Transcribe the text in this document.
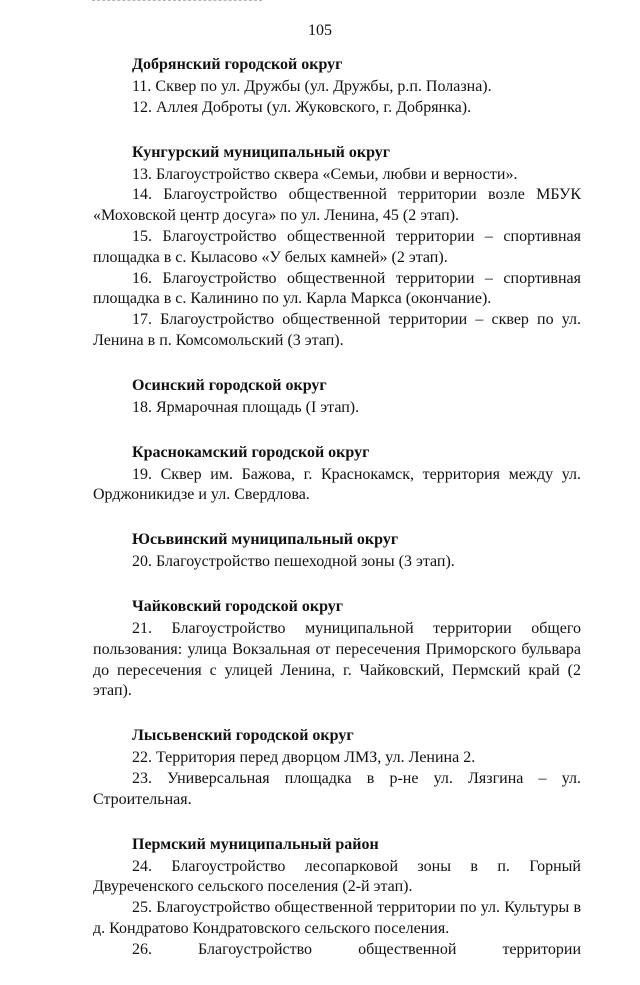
105
Добрянский городской округ

11. Сквер по ул. Дружбы (ул. Дружбы, р.п. Полазна).

12. Аллея Доброты (ул. Жуковского, г. Добрянка).

Кунгурский муниципальный округ

13. Благоустройство сквера «Семьи, любви и верности».

14. Благоустройство общественной территории возле МБУК «Моховской центр досуга» по ул. Ленина, 45 (2 этап).

15. Благоустройство общественной территории – спортивная площадка в с. Кыласово «У белых камней» (2 этап).

16. Благоустройство общественной территории – спортивная площадка в с. Калинино по ул. Карла Маркса (окончание).

17. Благоустройство общественной территории – сквер по ул. Ленина в п. Комсомольский (3 этап).

Осинский городской округ

18. Ярмарочная площадь (I этап).

Краснокамский городской округ

19. Сквер им. Бажова, г. Краснокамск, территория между ул. Орджоникидзе и ул. Свердлова.

Юсьвинский муниципальный округ

20. Благоустройство пешеходной зоны (3 этап).

Чайковский городской округ

21. Благоустройство муниципальной территории общего пользования: улица Вокзальная от пересечения Приморского бульвара до пересечения с улицей Ленина, г. Чайковский, Пермский край (2 этап).

Лысьвенский городской округ

22. Территория перед дворцом ЛМЗ, ул. Ленина 2.

23. Универсальная площадка в р-не ул. Лязгина – ул. Строительная.

Пермский муниципальный район

24. Благоустройство лесопарковой зоны в п. Горный Двуреченского сельского поселения (2-й этап).

25. Благоустройство общественной территории по ул. Культуры в д. Кондратово Кондратовского сельского поселения.

26. Благоустройство общественной территории
